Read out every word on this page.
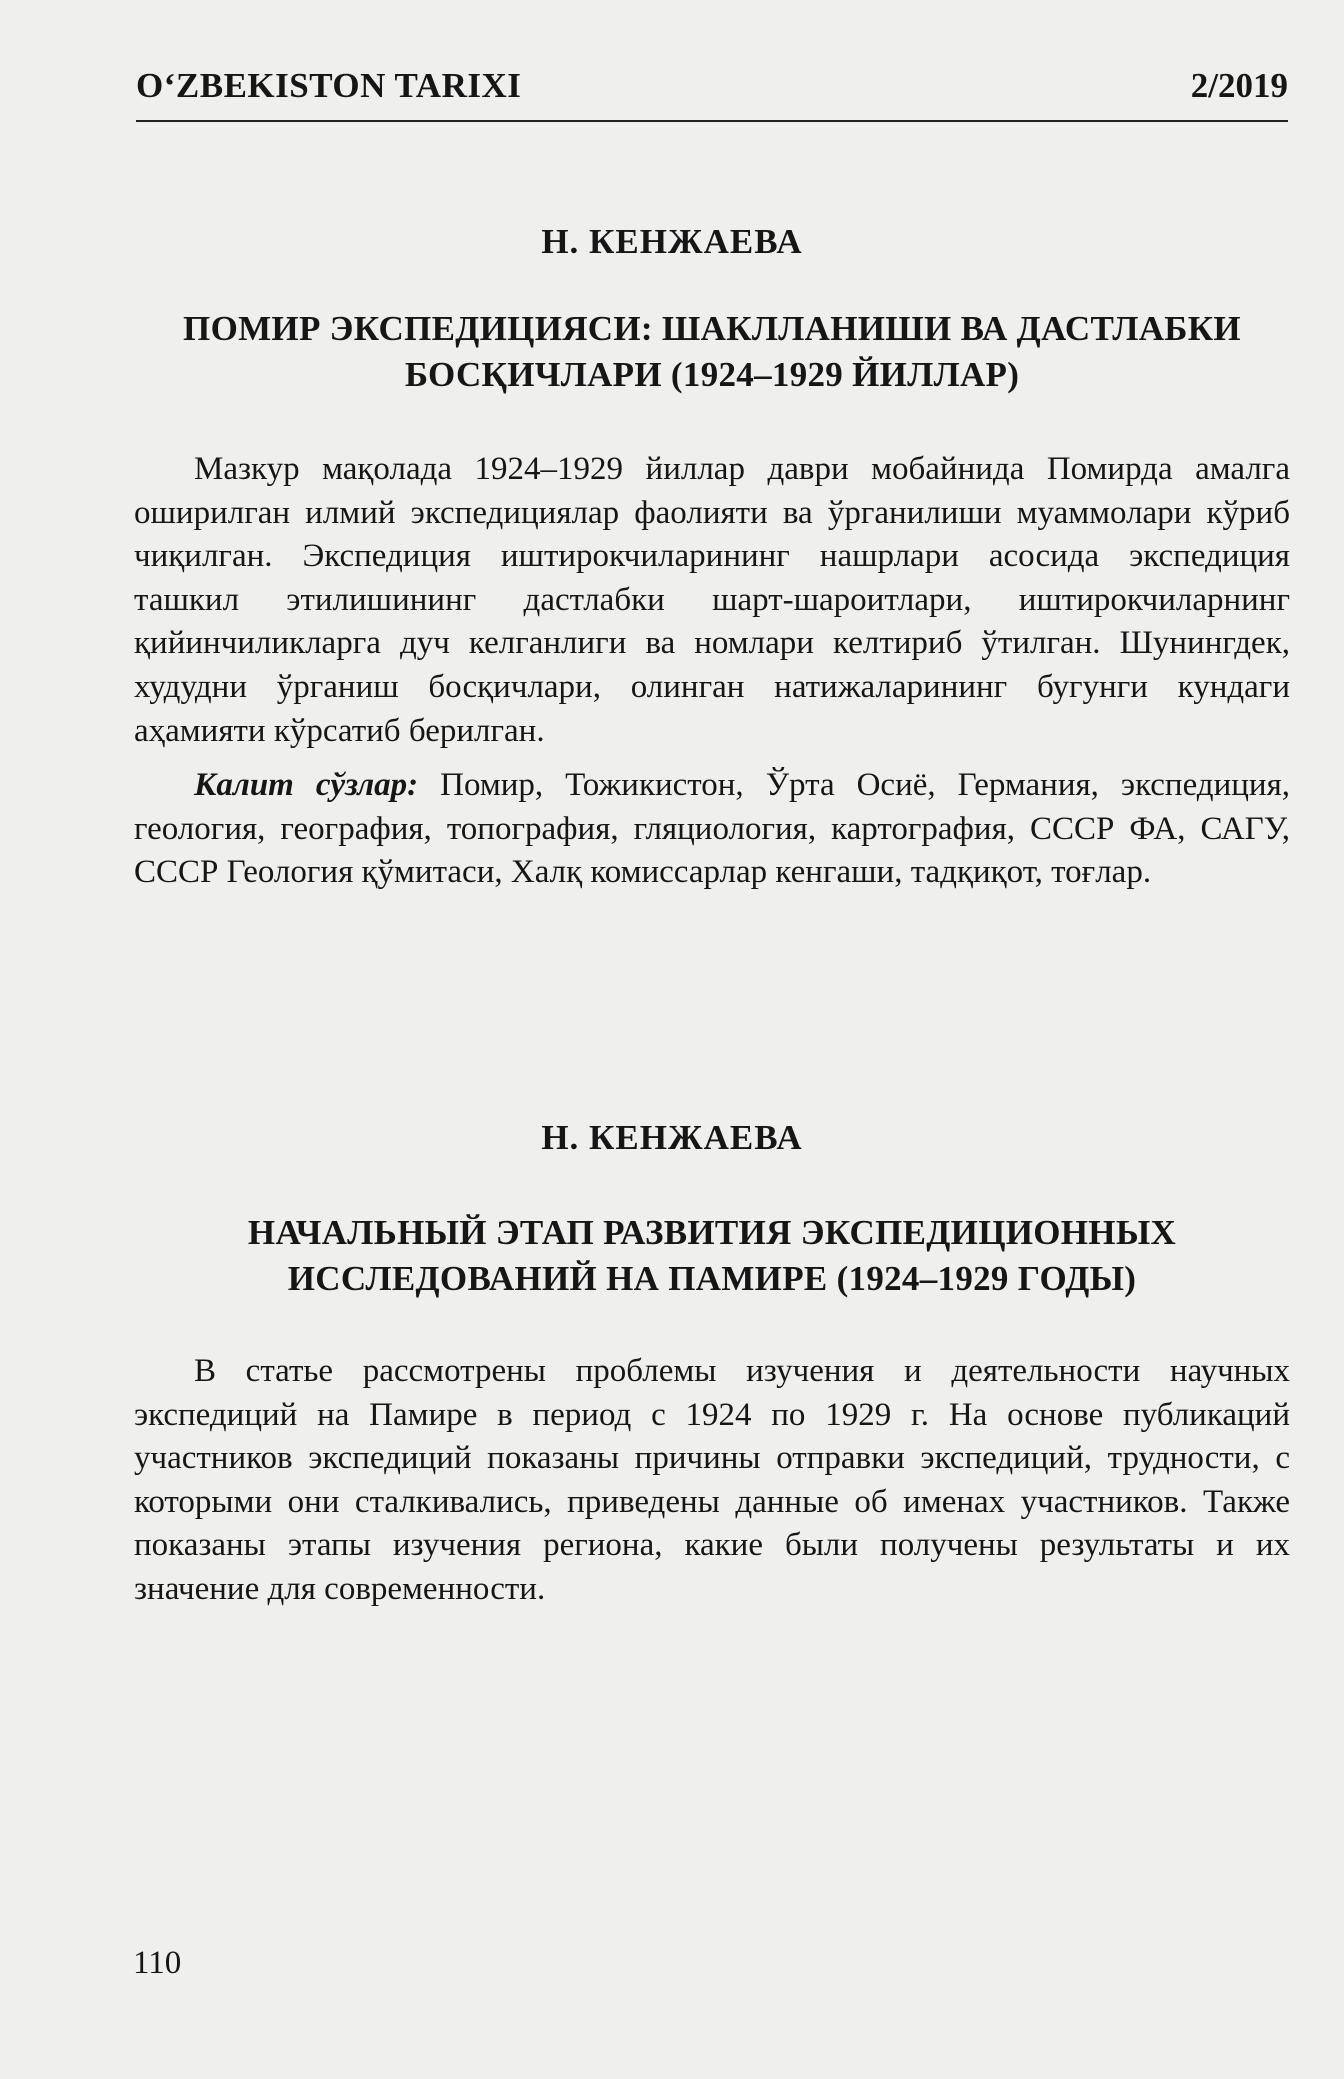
O‘ZBEKISTON TARIXI	2/2019
Н. КЕНЖАЕВА
ПОМИР ЭКСПЕДИЦИЯСИ: ШАКЛЛАНИШИ ВА ДАСТЛАБКИ
БОСҚИЧЛАРИ (1924–1929 ЙИЛЛАР)
Мазкур мақолада 1924–1929 йиллар даври мобайнида Помирда амалга оширилган илмий экспедициялар фаолияти ва ўрганилиши муаммолари кўриб чиқилган. Экспедиция иштирокчиларининг нашрлари асосида экспедиция ташкил этилишининг дастлабки шарт-шароитлари, иштирокчиларнинг қийинчиликларга дуч келганлиги ва номлари келтириб ўтилган. Шунингдек, худудни ўрганиш босқичлари, олинган натижаларининг бугунги кундаги аҳамияти кўрсатиб берилган.
Калит сўзлар: Помир, Тожикистон, Ўрта Осиё, Германия, экспедиция, геология, география, топография, гляциология, картография, СССР ФА, САГУ, СССР Геология қўмитаси, Халқ комиссарлар кенгаши, тадқиқот, тоғлар.
Н. КЕНЖАЕВА
НАЧАЛЬНЫЙ ЭТАП РАЗВИТИЯ ЭКСПЕДИЦИОННЫХ
ИССЛЕДОВАНИЙ НА ПАМИРЕ (1924–1929 ГОДЫ)
В статье рассмотрены проблемы изучения и деятельности научных экспедиций на Памире в период с 1924 по 1929 г. На основе публикаций участников экспедиций показаны причины отправки экспедиций, трудности, с которыми они сталкивались, приведены данные об именах участников. Также показаны этапы изучения региона, какие были получены результаты и их значение для современности.
110
